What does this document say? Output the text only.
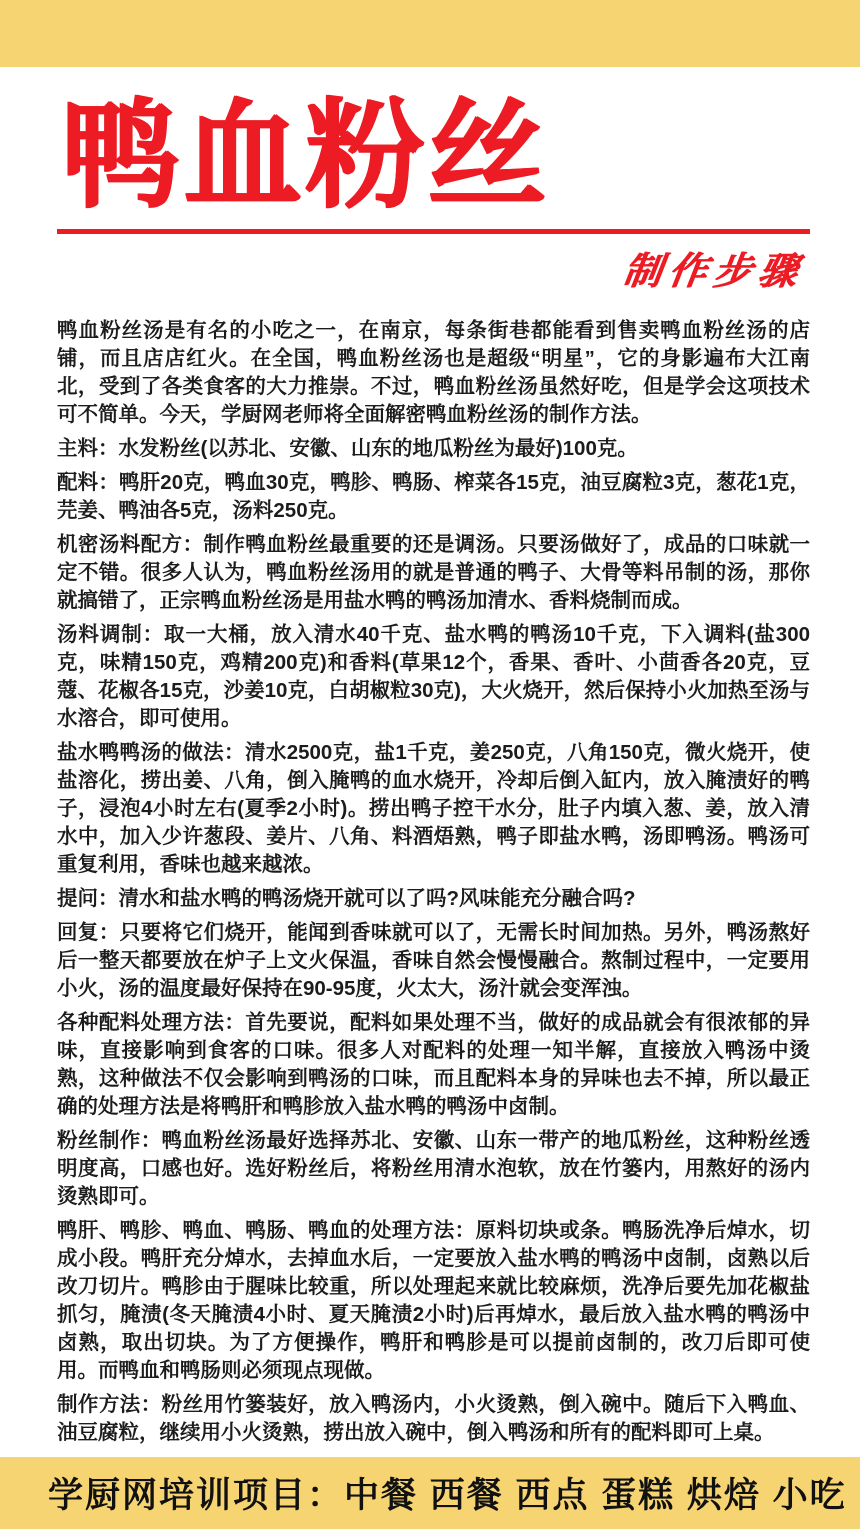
鸭血粉丝
制作步骤

鸭血粉丝汤是有名的小吃之一，在南京，每条街巷都能看到售卖鸭血粉丝汤的店铺，而且店店红火。在全国，鸭血粉丝汤也是超级“明星”，它的身影遍布大江南北，受到了各类食客的大力推崇。不过，鸭血粉丝汤虽然好吃，但是学会这项技术可不简单。今天，学厨网老师将全面解密鸭血粉丝汤的制作方法。

主料：水发粉丝(以苏北、安徽、山东的地瓜粉丝为最好)100克。

配料：鸭肝20克，鸭血30克，鸭胗、鸭肠、榨菜各15克，油豆腐粒3克，葱花1克，芫姜、鸭油各5克，汤料250克。

机密汤料配方：制作鸭血粉丝最重要的还是调汤。只要汤做好了，成品的口味就一定不错。很多人认为，鸭血粉丝汤用的就是普通的鸭子、大骨等料吊制的汤，那你就搞错了，正宗鸭血粉丝汤是用盐水鸭的鸭汤加清水、香料烧制而成。

汤料调制：取一大桶，放入清水40千克、盐水鸭的鸭汤10千克，下入调料(盐300克，味精150克，鸡精200克)和香料(草果12个，香果、香叶、小茴香各20克，豆蔻、花椒各15克，沙姜10克，白胡椒粒30克)，大火烧开，然后保持小火加热至汤与水溶合，即可使用。

盐水鸭鸭汤的做法：清水2500克，盐1千克，姜250克，八角150克，微火烧开，使盐溶化，捞出姜、八角，倒入腌鸭的血水烧开，冷却后倒入缸内，放入腌渍好的鸭子，浸泡4小时左右(夏季2小时)。捞出鸭子控干水分，肚子内填入葱、姜，放入清水中，加入少许葱段、姜片、八角、料酒焐熟，鸭子即盐水鸭，汤即鸭汤。鸭汤可重复利用，香味也越来越浓。

提问：清水和盐水鸭的鸭汤烧开就可以了吗?风味能充分融合吗?

回复：只要将它们烧开，能闻到香味就可以了，无需长时间加热。另外，鸭汤熬好后一整天都要放在炉子上文火保温，香味自然会慢慢融合。熬制过程中，一定要用小火，汤的温度最好保持在90-95度，火太大，汤汁就会变浑浊。

各种配料处理方法：首先要说，配料如果处理不当，做好的成品就会有很浓郁的异味，直接影响到食客的口味。很多人对配料的处理一知半解，直接放入鸭汤中烫熟，这种做法不仅会影响到鸭汤的口味，而且配料本身的异味也去不掉，所以最正确的处理方法是将鸭肝和鸭胗放入盐水鸭的鸭汤中卤制。

粉丝制作：鸭血粉丝汤最好选择苏北、安徽、山东一带产的地瓜粉丝，这种粉丝透明度高，口感也好。选好粉丝后，将粉丝用清水泡软，放在竹篓内，用熬好的汤内烫熟即可。

鸭肝、鸭胗、鸭血、鸭肠、鸭血的处理方法：原料切块或条。鸭肠洗净后焯水，切成小段。鸭肝充分焯水，去掉血水后，一定要放入盐水鸭的鸭汤中卤制，卤熟以后改刀切片。鸭胗由于腥味比较重，所以处理起来就比较麻烦，洗净后要先加花椒盐抓匀，腌渍(冬天腌渍4小时、夏天腌渍2小时)后再焯水，最后放入盐水鸭的鸭汤中卤熟，取出切块。为了方便操作，鸭肝和鸭胗是可以提前卤制的，改刀后即可使用。而鸭血和鸭肠则必须现点现做。

制作方法：粉丝用竹篓装好，放入鸭汤内，小火烫熟，倒入碗中。随后下入鸭血、油豆腐粒，继续用小火烫熟，捞出放入碗中，倒入鸭汤和所有的配料即可上桌。

学厨网培训项目：中餐 西餐 西点 蛋糕 烘焙 小吃
